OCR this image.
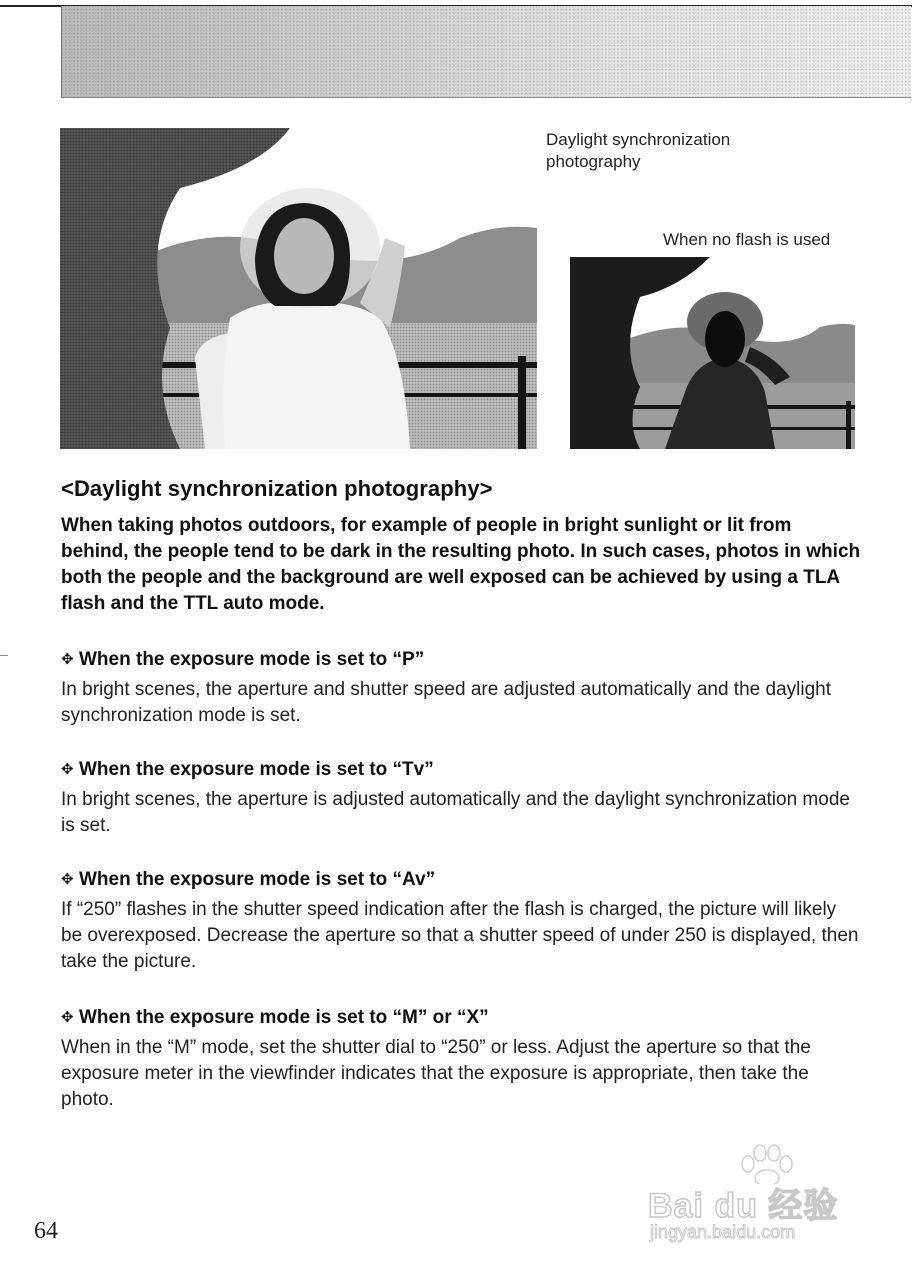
Daylight synchronization photography
When no flash is used
<Daylight synchronization photography>
When taking photos outdoors, for example of people in bright sunlight or lit from behind, the people tend to be dark in the resulting photo. In such cases, photos in which both the people and the background are well exposed can be achieved by using a TLA flash and the TTL auto mode.
✥ When the exposure mode is set to “P”
In bright scenes, the aperture and shutter speed are adjusted automatically and the daylight synchronization mode is set.
✥ When the exposure mode is set to “Tv”
In bright scenes, the aperture is adjusted automatically and the daylight synchronization mode is set.
✥ When the exposure mode is set to “Av”
If “250” flashes in the shutter speed indication after the flash is charged, the picture will likely be overexposed. Decrease the aperture so that a shutter speed of under 250 is displayed, then take the picture.
✥ When the exposure mode is set to “M” or “X”
When in the “M” mode, set the shutter dial to “250” or less. Adjust the aperture so that the exposure meter in the viewfinder indicates that the exposure is appropriate, then take the photo.
64
Bai du 经验
jingyan.baidu.com
